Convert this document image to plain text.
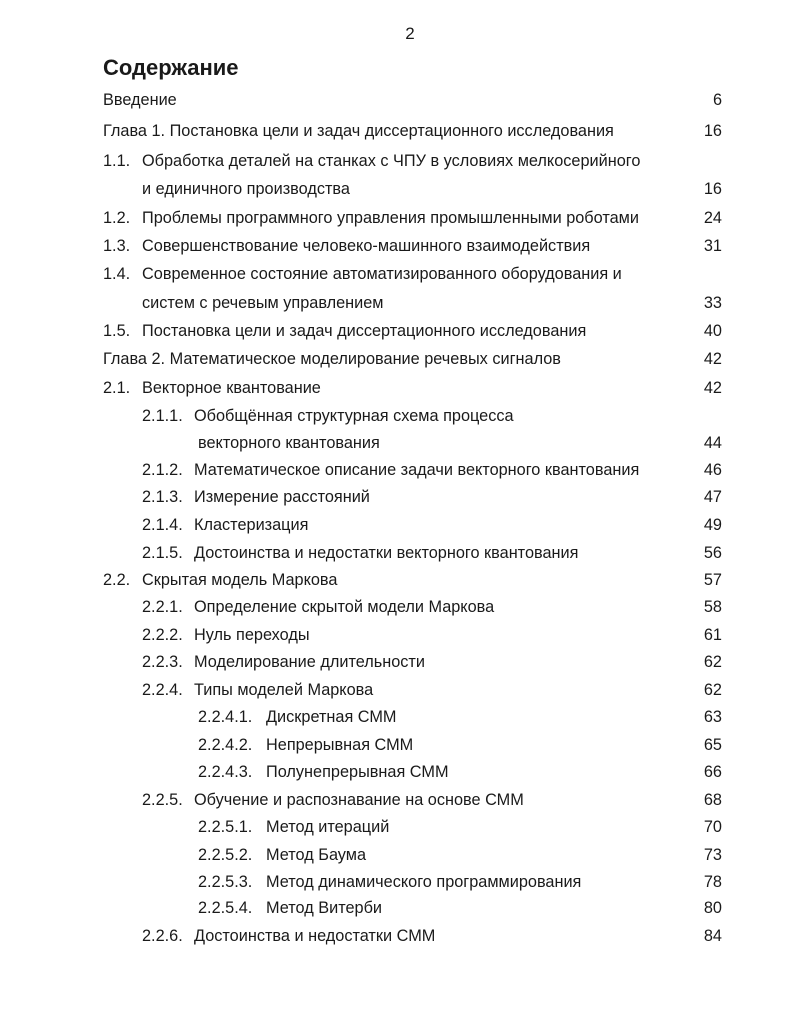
2
Содержание
Введение	6
Глава 1. Постановка цели и задач диссертационного исследования	16
1.1. Обработка деталей на станках с ЧПУ в условиях мелкосерийного
и единичного производства	16
1.2. Проблемы программного управления промышленными роботами	24
1.3. Совершенствование человеко-машинного взаимодействия	31
1.4. Современное состояние автоматизированного оборудования и
систем с речевым управлением	33
1.5. Постановка цели и задач диссертационного исследования	40
Глава 2. Математическое моделирование речевых сигналов	42
2.1. Векторное квантование	42
2.1.1. Обобщённая структурная схема процесса
векторного квантования	44
2.1.2. Математическое описание задачи векторного квантования	46
2.1.3. Измерение расстояний	47
2.1.4. Кластеризация	49
2.1.5. Достоинства и недостатки векторного квантования	56
2.2. Скрытая модель Маркова	57
2.2.1. Определение скрытой модели Маркова	58
2.2.2. Нуль переходы	61
2.2.3. Моделирование длительности	62
2.2.4. Типы моделей Маркова	62
2.2.4.1. Дискретная СММ	63
2.2.4.2. Непрерывная СММ	65
2.2.4.3. Полунепрерывная СММ	66
2.2.5. Обучение и распознавание на основе СММ	68
2.2.5.1. Метод итераций	70
2.2.5.2. Метод Баума	73
2.2.5.3. Метод динамического программирования	78
2.2.5.4. Метод Витерби	80
2.2.6. Достоинства и недостатки СММ	84
